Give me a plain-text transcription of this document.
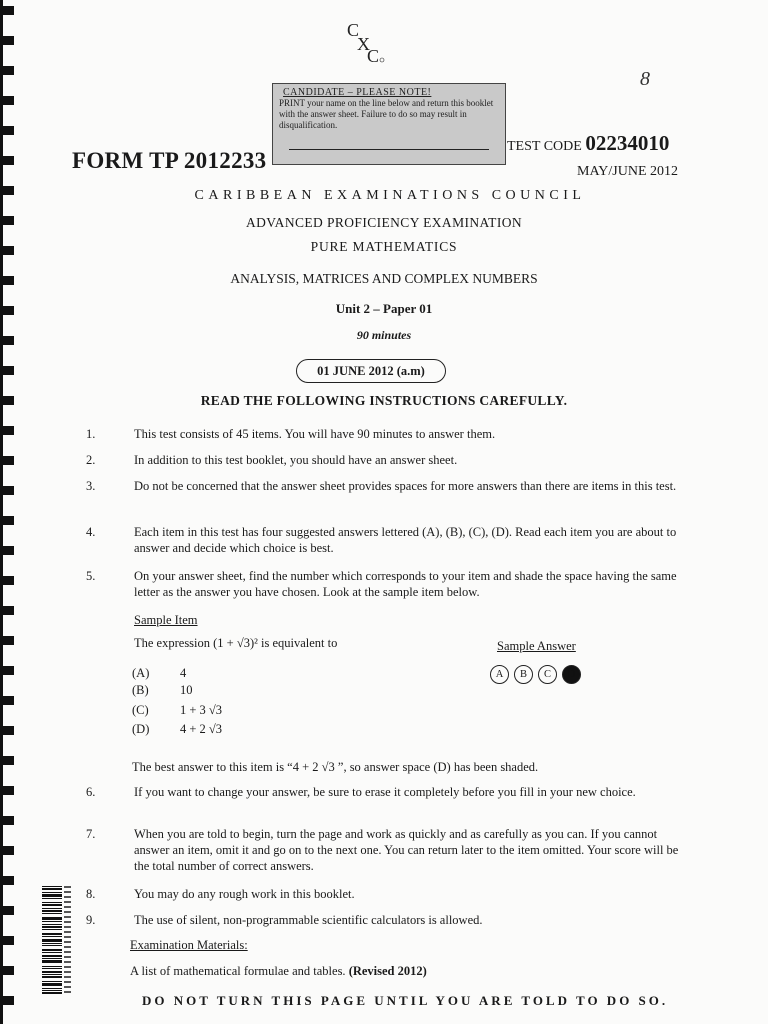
C
X
C
CANDIDATE – PLEASE NOTE!
PRINT your name on the line below and return this booklet with the answer sheet. Failure to do so may result in disqualification.
8
FORM TP 2012233
TEST CODE 02234010
MAY/JUNE 2012
CARIBBEAN EXAMINATIONS COUNCIL
ADVANCED PROFICIENCY EXAMINATION
PURE MATHEMATICS
ANALYSIS, MATRICES AND COMPLEX NUMBERS
Unit 2 – Paper 01
90 minutes
01 JUNE 2012 (a.m)
READ THE FOLLOWING INSTRUCTIONS CAREFULLY.
1.	This test consists of 45 items. You will have 90 minutes to answer them.
2.	In addition to this test booklet, you should have an answer sheet.
3.	Do not be concerned that the answer sheet provides spaces for more answers than there are items in this test.
4.	Each item in this test has four suggested answers lettered (A), (B), (C), (D). Read each item you are about to answer and decide which choice is best.
5.	On your answer sheet, find the number which corresponds to your item and shade the space having the same letter as the answer you have chosen. Look at the sample item below.
Sample Item
The expression (1 + √3)² is equivalent to	Sample Answer
A	B	C	D
(A) 4
(B)	10
(C)	1 + 3 √3
(D) 4 + 2 √3
The best answer to this item is “4 + 2 √3 ”, so answer space (D) has been shaded.
6.	If you want to change your answer, be sure to erase it completely before you fill in your new choice.
7.	When you are told to begin, turn the page and work as quickly and as carefully as you can. If you cannot answer an item, omit it and go on to the next one. You can return later to the item omitted. Your score will be the total number of correct answers.
8.	You may do any rough work in this booklet.
9.	The use of silent, non-programmable scientific calculators is allowed.
Examination Materials:
A list of mathematical formulae and tables. (Revised 2012)
DO NOT TURN THIS PAGE UNTIL YOU ARE TOLD TO DO SO.
